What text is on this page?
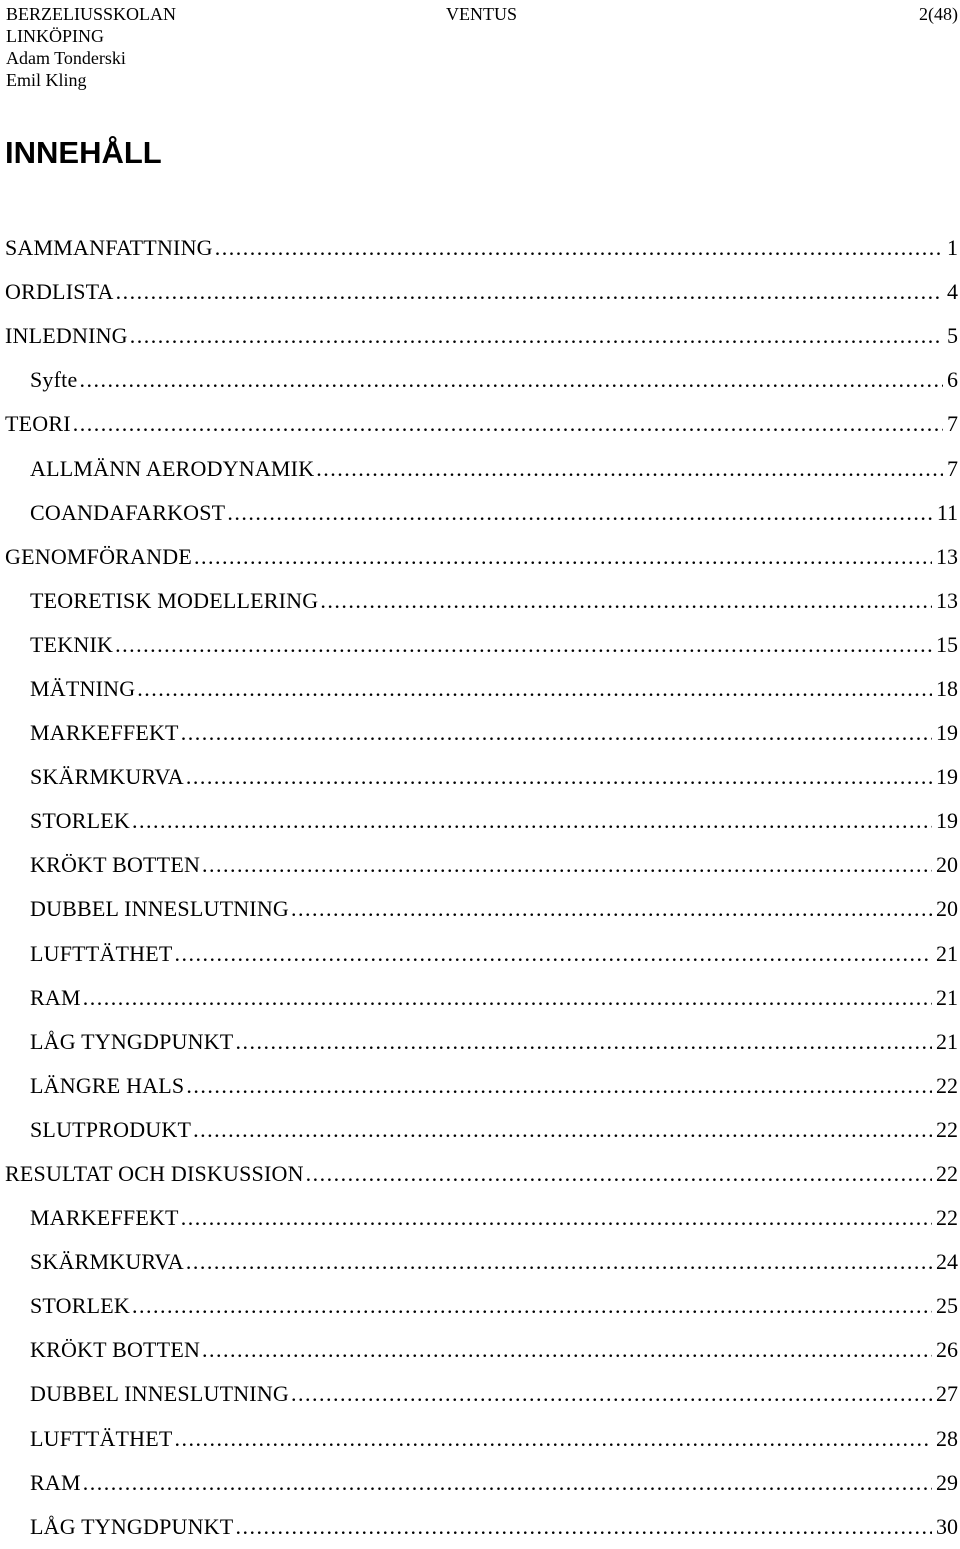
BERZELIUSSKOLAN
LINKÖPING
Adam Tonderski
Emil Kling
VENTUS	2(48)
INNEHÅLL
SAMMANFATTNING .....	1
ORDLISTA .....	4
INLEDNING .....	5
Syfte .....	6
TEORI .....	7
ALLMÄNN AERODYNAMIK .....	7
COANDAFARKOST .....	11
GENOMFÖRANDE .....	13
TEORETISK MODELLERING .....	13
TEKNIK .....	15
MÄTNING .....	18
MARKEFFEKT .....	19
SKÄRMKURVA .....	19
STORLEK .....	19
KRÖKT BOTTEN .....	20
DUBBEL INNESLUTNING .....	20
LUFTTÄTHET .....	21
RAM .....	21
LÅG TYNGDPUNKT .....	21
LÄNGRE HALS .....	22
SLUTPRODUKT .....	22
RESULTAT OCH DISKUSSION .....	22
MARKEFFEKT .....	22
SKÄRMKURVA .....	24
STORLEK .....	25
KRÖKT BOTTEN .....	26
DUBBEL INNESLUTNING .....	27
LUFTTÄTHET .....	28
RAM .....	29
LÅG TYNGDPUNKT .....	30
